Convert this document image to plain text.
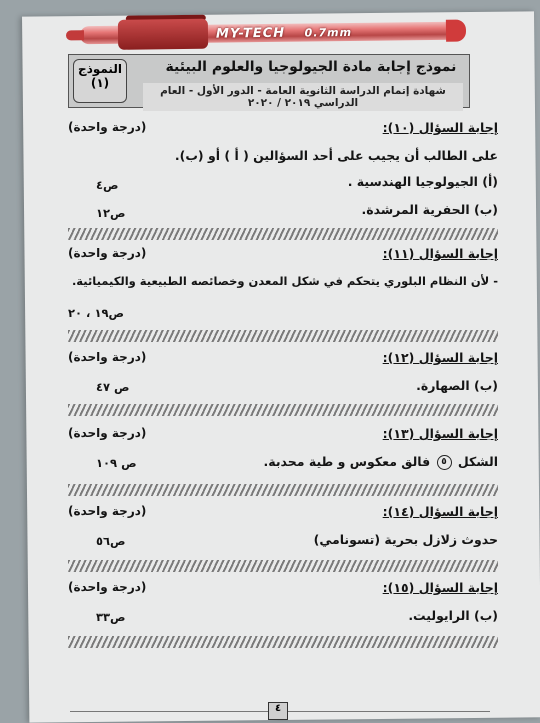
MY-TECH 0.7mm
نموذج إجابة مادة الجيولوجيا والعلوم البيئية
شهادة إتمام الدراسة الثانوية العامة - الدور الأول - العام الدراسي ٢٠١٩ / ٢٠٢٠
النموذج
(١)
إجابة السؤال (١٠):
(درجة واحدة)
على الطالب أن يجيب على أحد السؤالين ( أ ) أو (ب).
(أ) الجيولوجيا الهندسية .
ص٤
(ب) الحفرية المرشدة.
ص١٢
إجابة السؤال (١١):
(درجة واحدة)
- لأن النظام البلوري يتحكم في شكل المعدن وخصائصه الطبيعية والكيميائية.
ص١٩ ، ٢٠
إجابة السؤال (١٢):
(درجة واحدة)
(ب) الصهارة.
ص ٤٧
إجابة السؤال (١٣):
(درجة واحدة)
الشكل ٥ فالق معكوس و طية محدبة.
ص ١٠٩
إجابة السؤال (١٤):
(درجة واحدة)
حدوث زلازل بحرية (تسونامي)
ص٥٦
إجابة السؤال (١٥):
(درجة واحدة)
(ب) الرايوليت.
ص٣٣
٤
